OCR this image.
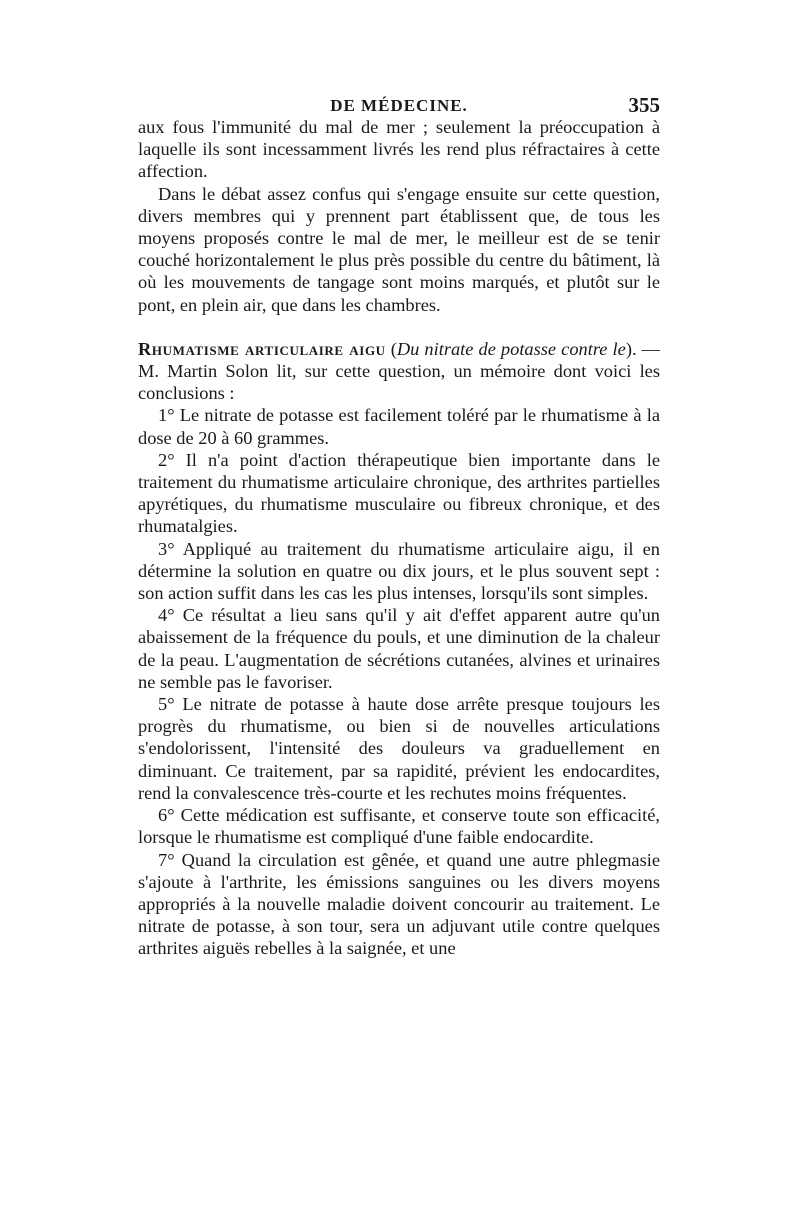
DE MÉDECINE.	355

aux fous l'immunité du mal de mer ; seulement la préoccupation à laquelle ils sont incessamment livrés les rend plus réfractaires à cette affection.

Dans le débat assez confus qui s'engage ensuite sur cette question, divers membres qui y prennent part établissent que, de tous les moyens proposés contre le mal de mer, le meilleur est de se tenir couché horizontalement le plus près possible du centre du bâtiment, là où les mouvements de tangage sont moins marqués, et plutôt sur le pont, en plein air, que dans les chambres.

Rhumatisme articulaire aigu (Du nitrate de potasse contre le). — M. Martin Solon lit, sur cette question, un mémoire dont voici les conclusions :

1° Le nitrate de potasse est facilement toléré par le rhumatisme à la dose de 20 à 60 grammes.

2° Il n'a point d'action thérapeutique bien importante dans le traitement du rhumatisme articulaire chronique, des arthrites partielles apyrétiques, du rhumatisme musculaire ou fibreux chronique, et des rhumatalgies.

3° Appliqué au traitement du rhumatisme articulaire aigu, il en détermine la solution en quatre ou dix jours, et le plus souvent sept : son action suffit dans les cas les plus intenses, lorsqu'ils sont simples.

4° Ce résultat a lieu sans qu'il y ait d'effet apparent autre qu'un abaissement de la fréquence du pouls, et une diminution de la chaleur de la peau. L'augmentation de sécrétions cutanées, alvines et urinaires ne semble pas le favoriser.

5° Le nitrate de potasse à haute dose arrête presque toujours les progrès du rhumatisme, ou bien si de nouvelles articulations s'endolorissent, l'intensité des douleurs va graduellement en diminuant. Ce traitement, par sa rapidité, prévient les endocardites, rend la convalescence très-courte et les rechutes moins fréquentes.

6° Cette médication est suffisante, et conserve toute son efficacité, lorsque le rhumatisme est compliqué d'une faible endocardite.

7° Quand la circulation est gênée, et quand une autre phlegmasie s'ajoute à l'arthrite, les émissions sanguines ou les divers moyens appropriés à la nouvelle maladie doivent concourir au traitement. Le nitrate de potasse, à son tour, sera un adjuvant utile contre quelques arthrites aiguës rebelles à la saignée, et une
